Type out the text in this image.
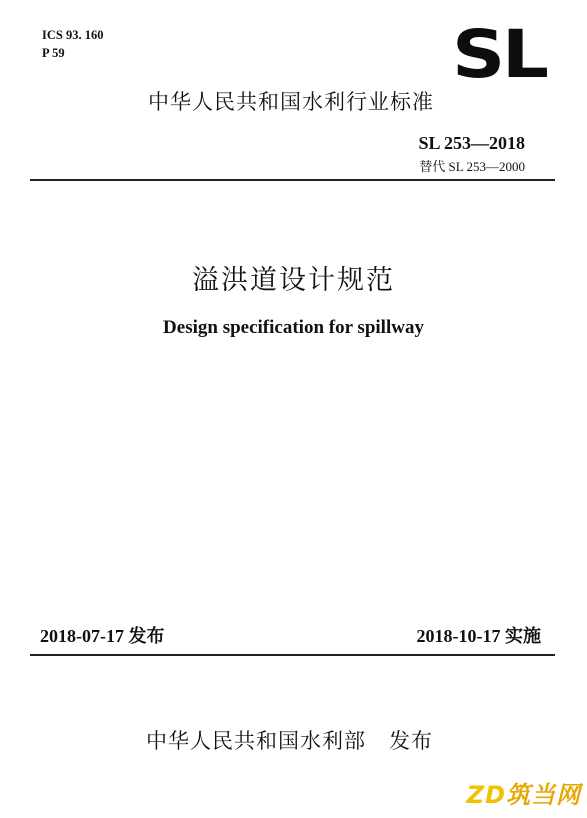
ICS 93. 160
P 59	SL
中华人民共和国水利行业标准
SL 253—2018
替代 SL 253—2000
溢洪道设计规范
Design specification for spillway
2018-07-17 发布	2018-10-17 实施
中华人民共和国水利部   发布
ZD筑当网
